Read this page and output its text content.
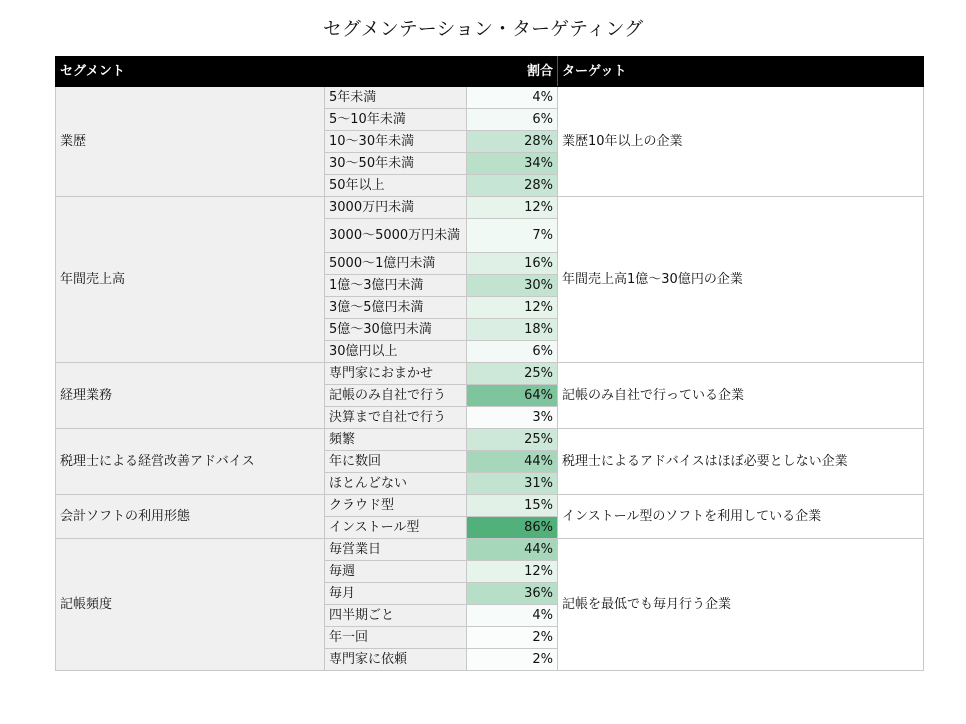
セグメンテーション・ターゲティング
セグメント		割合	ターゲット
業歴	5年未満	4%	業歴10年以上の企業
	5〜10年未満	6%	
	10〜30年未満	28%	
	30〜50年未満	34%	
	50年以上	28%	
年間売上高	3000万円未満	12%	年間売上高1億〜30億円の企業
	3000〜5000万円未満	7%	
	5000〜1億円未満	16%	
	1億〜3億円未満	30%	
	3億〜5億円未満	12%	
	5億〜30億円未満	18%	
	30億円以上	6%	
経理業務	専門家におまかせ	25%	記帳のみ自社で行っている企業
	記帳のみ自社で行う	64%	
	決算まで自社で行う	3%	
税理士による経営改善アドバイス	頻繁	25%	税理士によるアドバイスはほぼ必要としない企業
	年に数回	44%	
	ほとんどない	31%	
会計ソフトの利用形態	クラウド型	15%	インストール型のソフトを利用している企業
	インストール型	86%	
記帳頻度	毎営業日	44%	記帳を最低でも毎月行う企業
	毎週	12%	
	毎月	36%	
	四半期ごと	4%	
	年一回	2%	
	専門家に依頼	2%	
